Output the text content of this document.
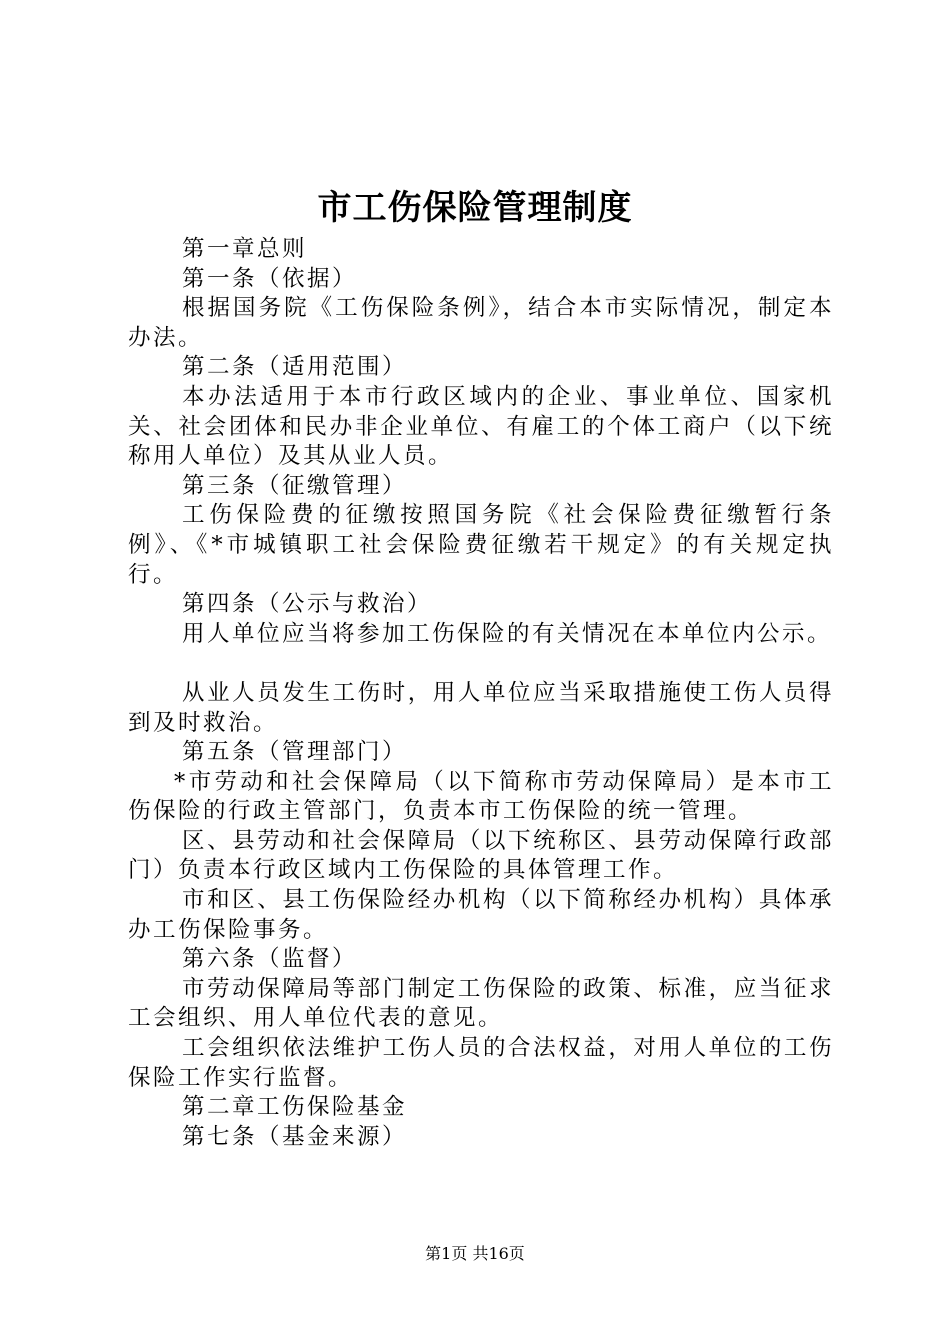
市工伤保险管理制度

第一章总则

第一条（依据）

根据国务院《工伤保险条例》，结合本市实际情况，制定本办法。

第二条（适用范围）

本办法适用于本市行政区域内的企业、事业单位、国家机关、社会团体和民办非企业单位、有雇工的个体工商户（以下统称用人单位）及其从业人员。

第三条（征缴管理）

工伤保险费的征缴按照国务院《社会保险费征缴暂行条例》、《*市城镇职工社会保险费征缴若干规定》的有关规定执行。

第四条（公示与救治）

用人单位应当将参加工伤保险的有关情况在本单位内公示。

从业人员发生工伤时，用人单位应当采取措施使工伤人员得到及时救治。

第五条（管理部门）

*市劳动和社会保障局（以下简称市劳动保障局）是本市工伤保险的行政主管部门，负责本市工伤保险的统一管理。

区、县劳动和社会保障局（以下统称区、县劳动保障行政部门）负责本行政区域内工伤保险的具体管理工作。

市和区、县工伤保险经办机构（以下简称经办机构）具体承办工伤保险事务。

第六条（监督）

市劳动保障局等部门制定工伤保险的政策、标准，应当征求工会组织、用人单位代表的意见。

工会组织依法维护工伤人员的合法权益，对用人单位的工伤保险工作实行监督。

第二章工伤保险基金

第七条（基金来源）

第1页 共16页
